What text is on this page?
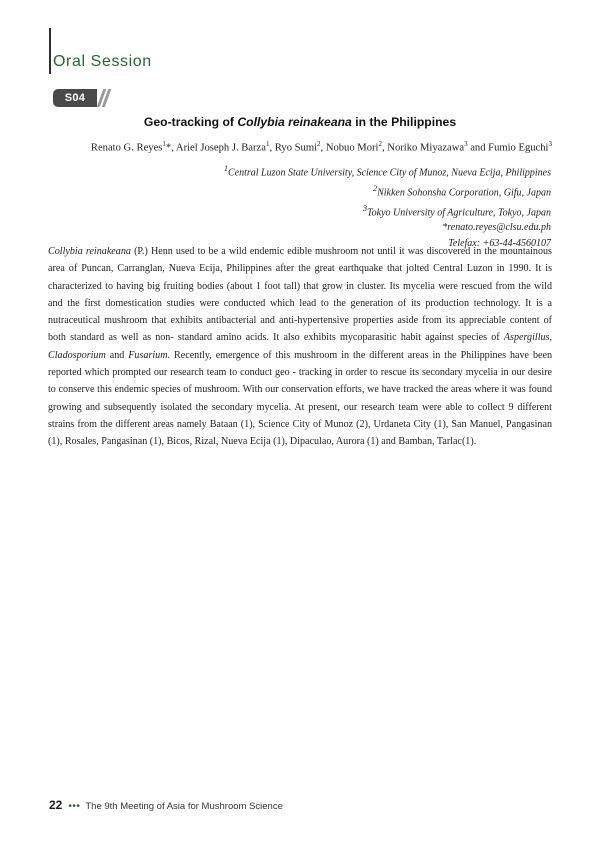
Oral Session
S04
Geo-tracking of Collybia reinakeana in the Philippines
Renato G. Reyes$^1$*, Ariel Joseph J. Barza$^1$, Ryo Sumi$^2$, Nobuo Mori$^2$, Noriko Miyazawa$^3$ and Fumio Eguchi$^3$
$^1$Central Luzon State University, Science City of Munoz, Nueva Ecija, Philippines
$^2$Nikken Sohonsha Corporation, Gifu, Japan
$^3$Tokyo University of Agriculture, Tokyo, Japan
*renato.reyes@clsu.edu.ph
Telefax: +63-44-4560107
Collybia reinakeana (P.) Henn used to be a wild endemic edible mushroom not until it was discovered in the mountainous area of Puncan, Carranglan, Nueva Ecija, Philippines after the great earthquake that jolted Central Luzon in 1990. It is characterized to having big fruiting bodies (about 1 foot tall) that grow in cluster. Its mycelia were rescued from the wild and the first domestication studies were conducted which lead to the generation of its production technology. It is a nutraceutical mushroom that exhibits antibacterial and anti-hypertensive properties aside from its appreciable content of both standard as well as non- standard amino acids. It also exhibits mycoparasitic habit against species of Aspergillus, Cladosporium and Fusarium. Recently, emergence of this mushroom in the different areas in the Philippines have been reported which prompted our research team to conduct geo - tracking in order to rescue its secondary mycelia in our desire to conserve this endemic species of mushroom. With our conservation efforts, we have tracked the areas where it was found growing and subsequently isolated the secondary mycelia. At present, our research team were able to collect 9 different strains from the different areas namely Bataan (1), Science City of Munoz (2), Urdaneta City (1), San Manuel, Pangasinan (1), Rosales, Pangasinan (1), Bicos, Rizal, Nueva Ecija (1), Dipaculao, Aurora (1) and Bamban, Tarlac(1).
22 ••• The 9th Meeting of Asia for Mushroom Science
